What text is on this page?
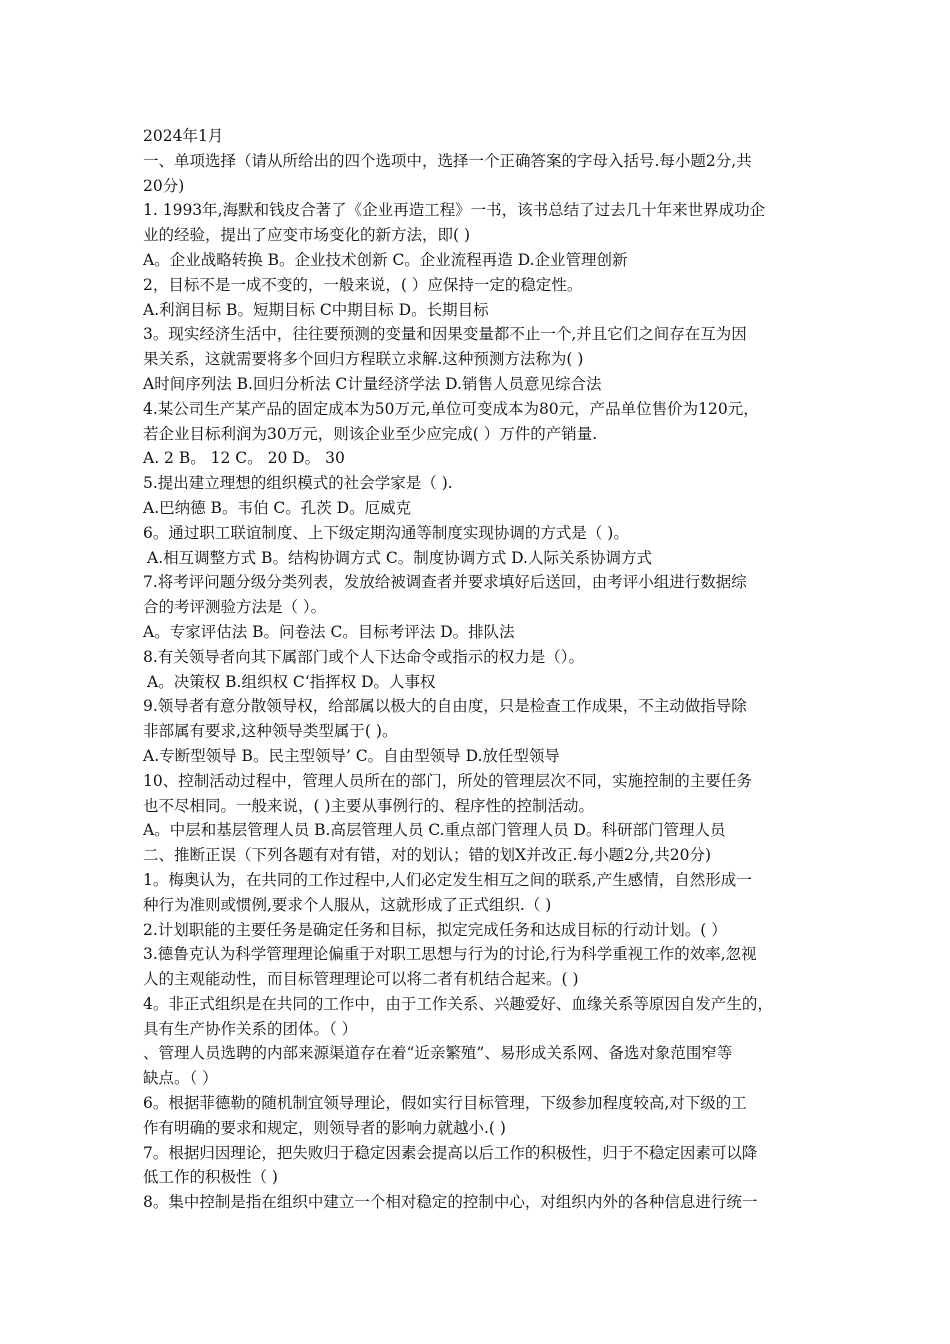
2024年1月

一、单项选择（请从所给出的四个选项中，选择一个正确答案的字母入括号.每小题2分,共

20分)

1. 1993年,海默和钱皮合著了《企业再造工程》一书，该书总结了过去几十年来世界成功企

业的经验，提出了应变市场变化的新方法，即( )

A。企业战略转换 B。企业技术创新 C。企业流程再造 D.企业管理创新

2，目标不是一成不变的，一般来说，( ）应保持一定的稳定性。

A.利润目标 B。短期目标 C中期目标 D。长期目标

3。现实经济生活中，往往要预测的变量和因果变量都不止一个,并且它们之间存在互为因

果关系，这就需要将多个回归方程联立求解.这种预测方法称为( )

A时间序列法 B.回归分析法 C计量经济学法 D.销售人员意见综合法

4.某公司生产某产品的固定成本为50万元,单位可变成本为80元，产品单位售价为120元，

若企业目标利润为30万元，则该企业至少应完成( ）万件的产销量.

A. 2 B。 12 C。 20 D。 30

5.提出建立理想的组织模式的社会学家是（ ).

A.巴纳德 B。韦伯 C。孔茨 D。厄威克

6。通过职工联谊制度、上下级定期沟通等制度实现协调的方式是（ )。

A.相互调整方式 B。结构协调方式 C。制度协调方式 D.人际关系协调方式

7.将考评问题分级分类列表，发放给被调查者并要求填好后送回，由考评小组进行数据综

合的考评测验方法是（ ）。

A。专家评估法 B。问卷法 C。目标考评法 D。排队法

8.有关领导者向其下属部门或个人下达命令或指示的权力是（）。

A。决策权 B.组织权 C‘指挥权 D。人事权

9.领导者有意分散领导权，给部属以极大的自由度，只是检查工作成果，不主动做指导除

非部属有要求,这种领导类型属于( )。

A.专断型领导 B。民主型领导’ C。自由型领导 D.放任型领导

10、控制活动过程中，管理人员所在的部门，所处的管理层次不同，实施控制的主要任务

也不尽相同。一般来说，( )主要从事例行的、程序性的控制活动。

A。中层和基层管理人员 B.高层管理人员 C.重点部门管理人员 D。科研部门管理人员

二、推断正误（下列各题有对有错，对的划认；错的划X并改正.每小题2分,共20分)

1。梅奥认为，在共同的工作过程中,人们必定发生相互之间的联系,产生感情，自然形成一

种行为准则或惯例,要求个人服从，这就形成了正式组织.（ )

2.计划职能的主要任务是确定任务和目标，拟定完成任务和达成目标的行动计划。( ）

3.德鲁克认为科学管理理论偏重于对职工思想与行为的讨论,行为科学重视工作的效率,忽视

人的主观能动性，而目标管理理论可以将二者有机结合起来。( )

4。非正式组织是在共同的工作中，由于工作关系、兴趣爱好、血缘关系等原因自发产生的，

具有生产协作关系的团体。（ ）

、管理人员选聘的内部来源渠道存在着“近亲繁殖”、易形成关系网、备选对象范围窄等

缺点。（ ）

6。根据菲德勒的随机制宜领导理论，假如实行目标管理，下级参加程度较高,对下级的工

作有明确的要求和规定，则领导者的影响力就越小.( )

7。根据归因理论，把失败归于稳定因素会提高以后工作的积极性，归于不稳定因素可以降

低工作的积极性（ )

8。集中控制是指在组织中建立一个相对稳定的控制中心，对组织内外的各种信息进行统一
